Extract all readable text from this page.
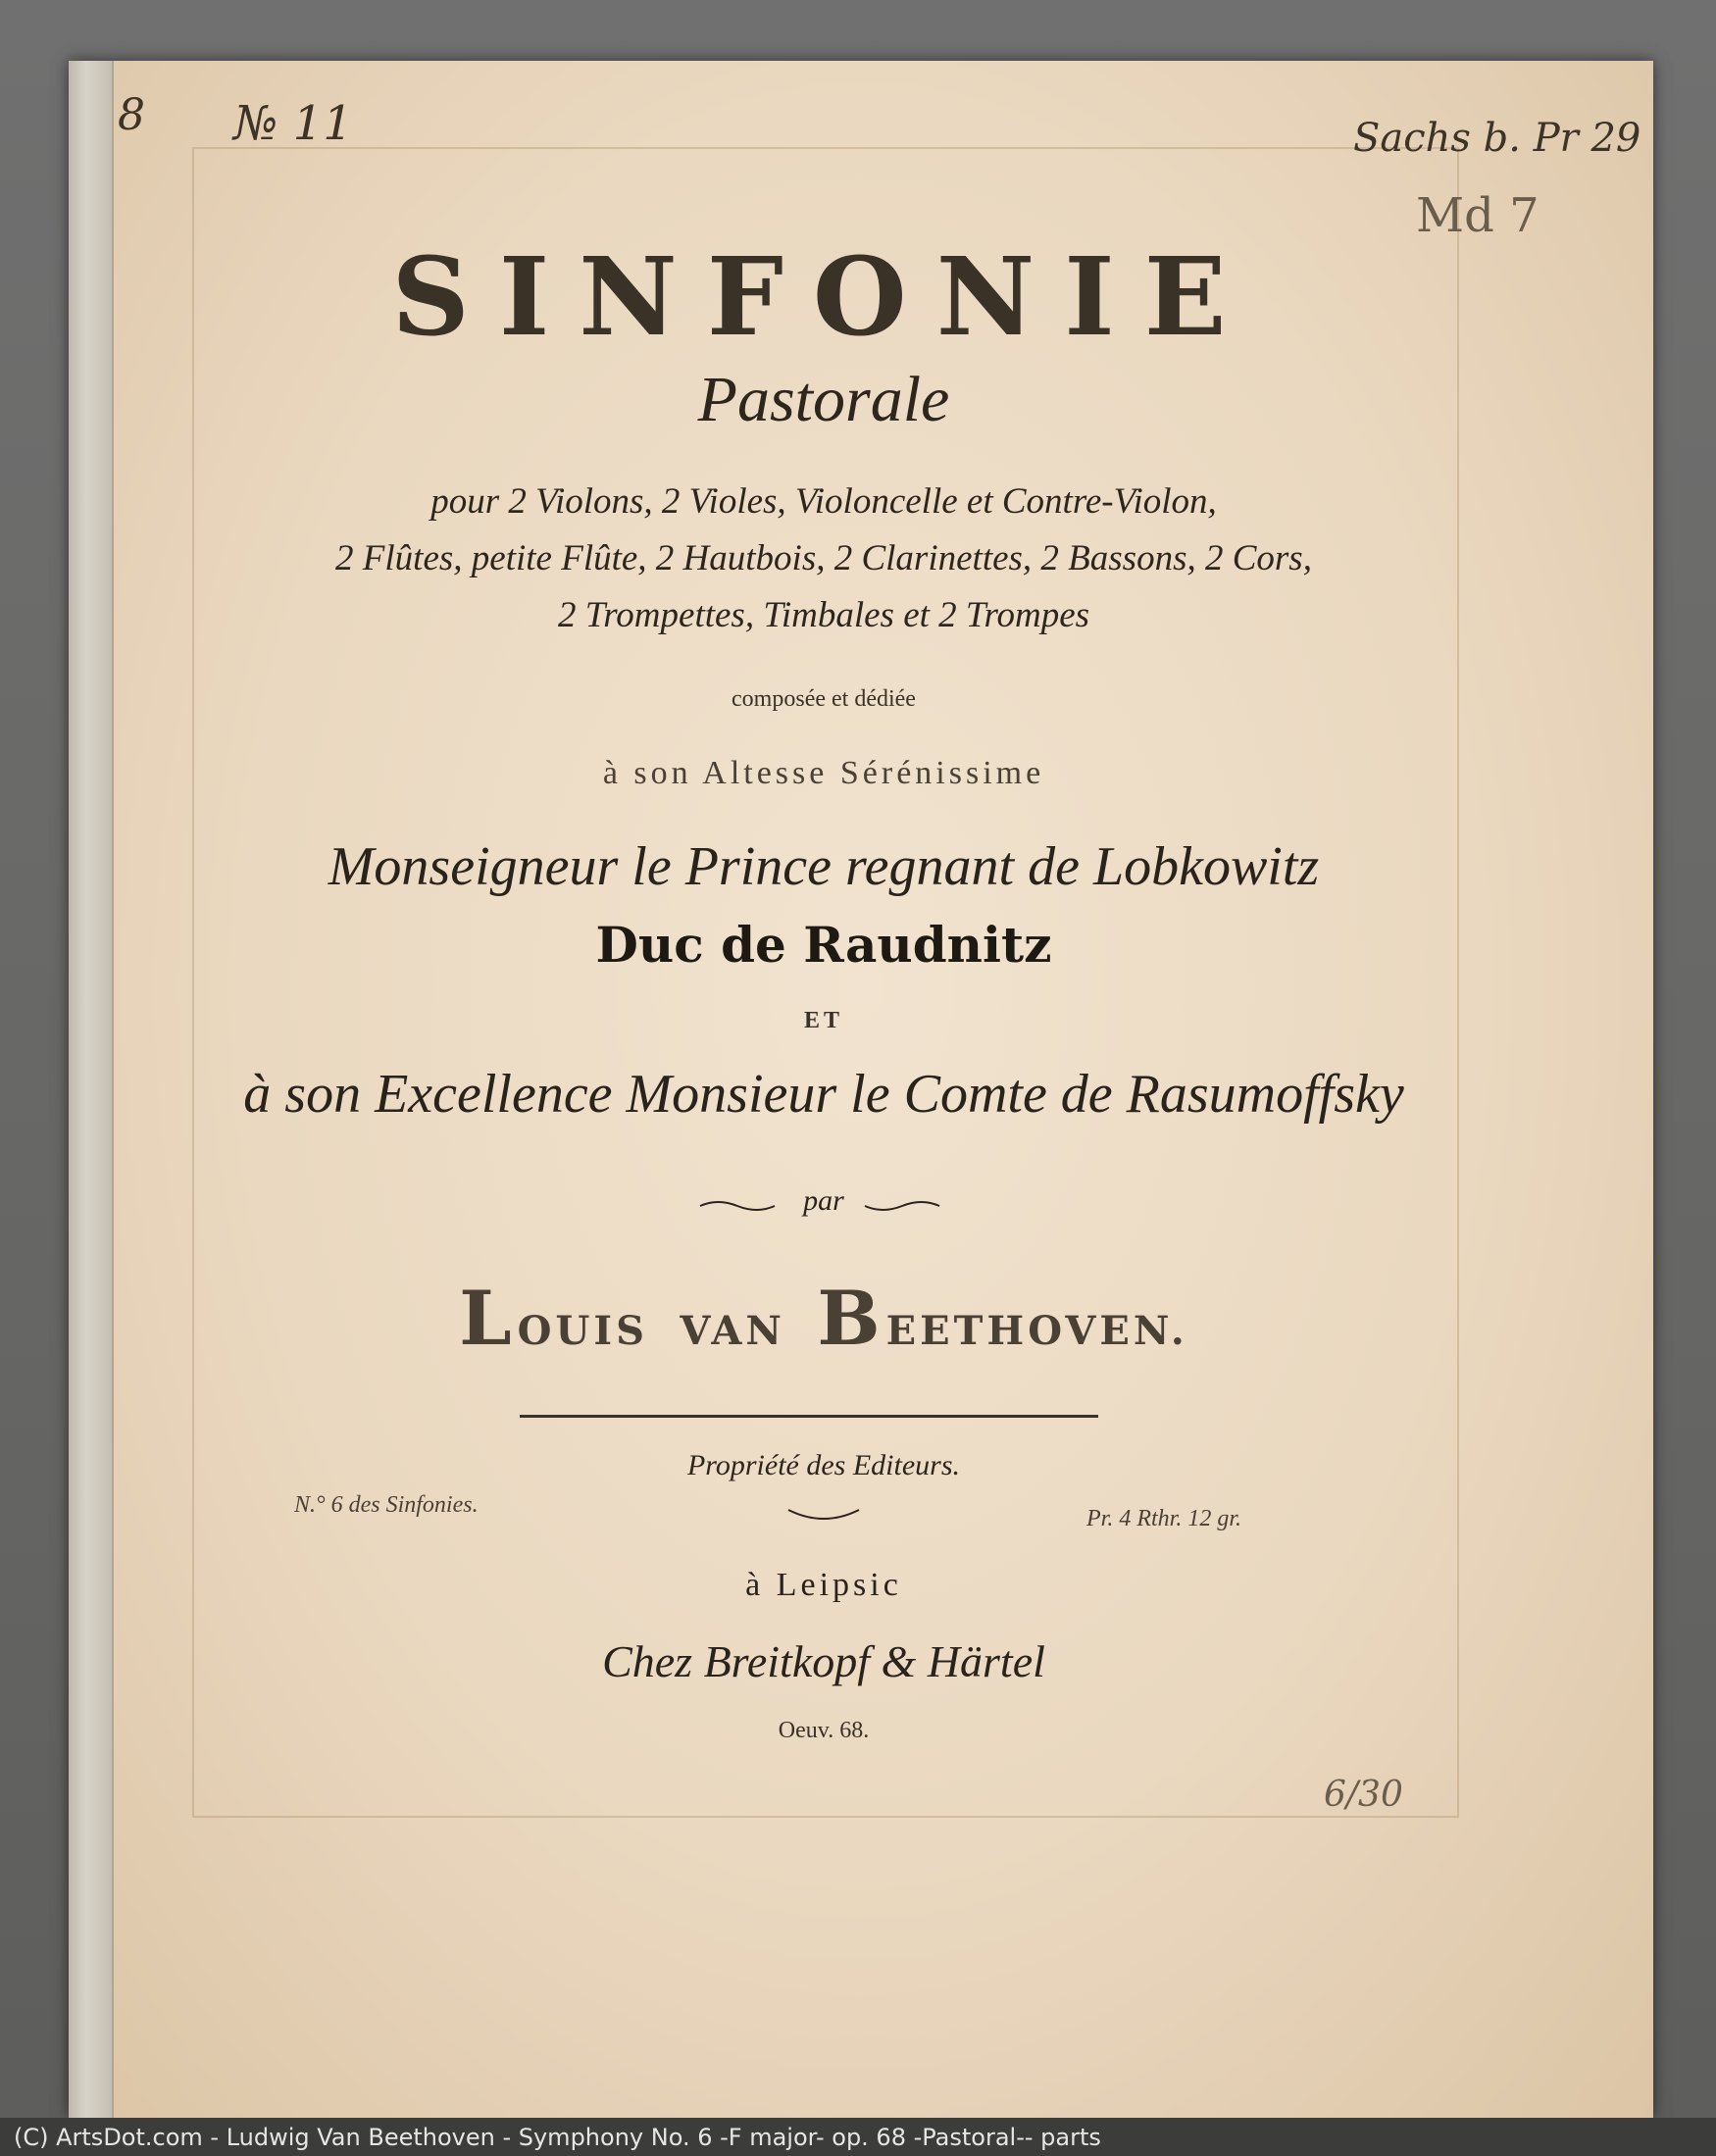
8 № 11	Sachs b. Pr 29
Md 7
SINFONIE
Pastorale
pour 2 Violons, 2 Violes, Violoncelle et Contre-Violon,
2 Flûtes, petite Flûte, 2 Hautbois, 2 Clarinettes, 2 Bassons, 2 Cors,
2 Trompettes, Timbales et 2 Trompes
composée et dédiée
à son Altesse Sérénissime
Monseigneur le Prince regnant de Lobkowitz
Duc de Raudnitz
ET
à son Excellence Monsieur le Comte de Rasumoffsky
par
LOUIS VAN BEETHOVEN.
Propriété des Editeurs.
N.° 6 des Sinfonies.
Pr. 4 Rthr. 12 gr.
à Leipsic
Chez Breitkopf & Härtel
Oeuv. 68.
6/30
(C) ArtsDot.com - Ludwig Van Beethoven - Symphony No. 6 -F major- op. 68 -Pastoral-- parts
